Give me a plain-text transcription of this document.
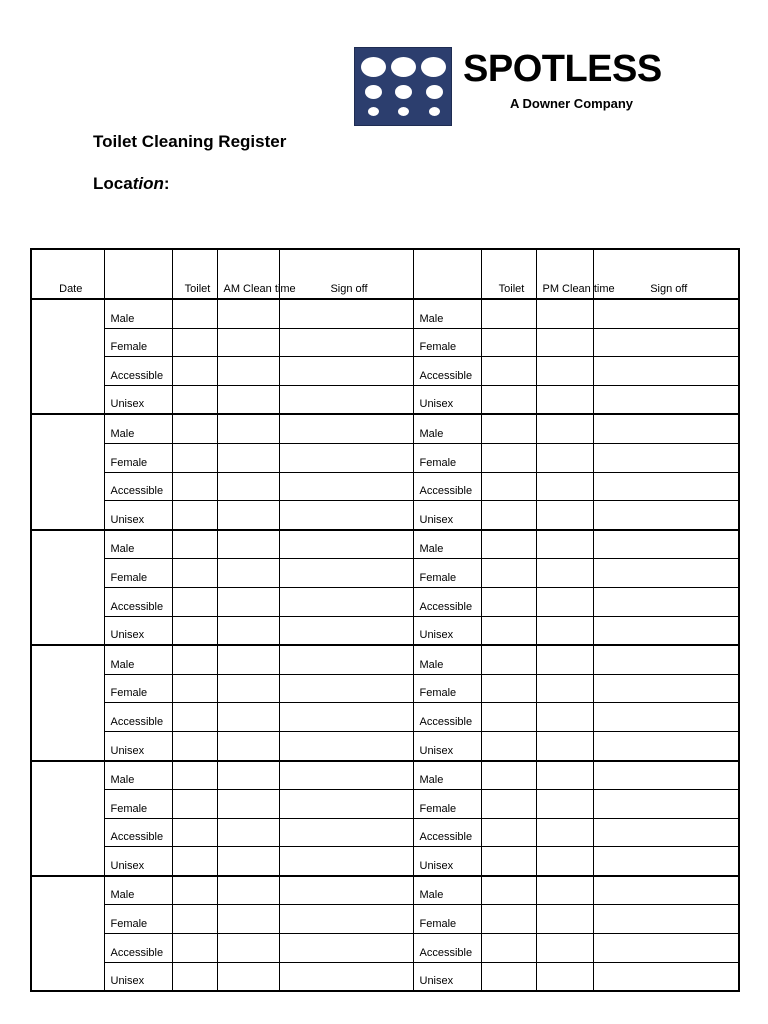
SPOTLESS
A Downer Company
Toilet Cleaning Register
Location:
Date		Toilet	AM Clean time	Sign off		Toilet	PM Clean time	Sign off
	Male				Male			
	Female				Female			
	Accessible				Accessible			
	Unisex				Unisex			
	Male				Male			
	Female				Female			
	Accessible				Accessible			
	Unisex				Unisex			
	Male				Male			
	Female				Female			
	Accessible				Accessible			
	Unisex				Unisex			
	Male				Male			
	Female				Female			
	Accessible				Accessible			
	Unisex				Unisex			
	Male				Male			
	Female				Female			
	Accessible				Accessible			
	Unisex				Unisex			
	Male				Male			
	Female				Female			
	Accessible				Accessible			
	Unisex				Unisex			
